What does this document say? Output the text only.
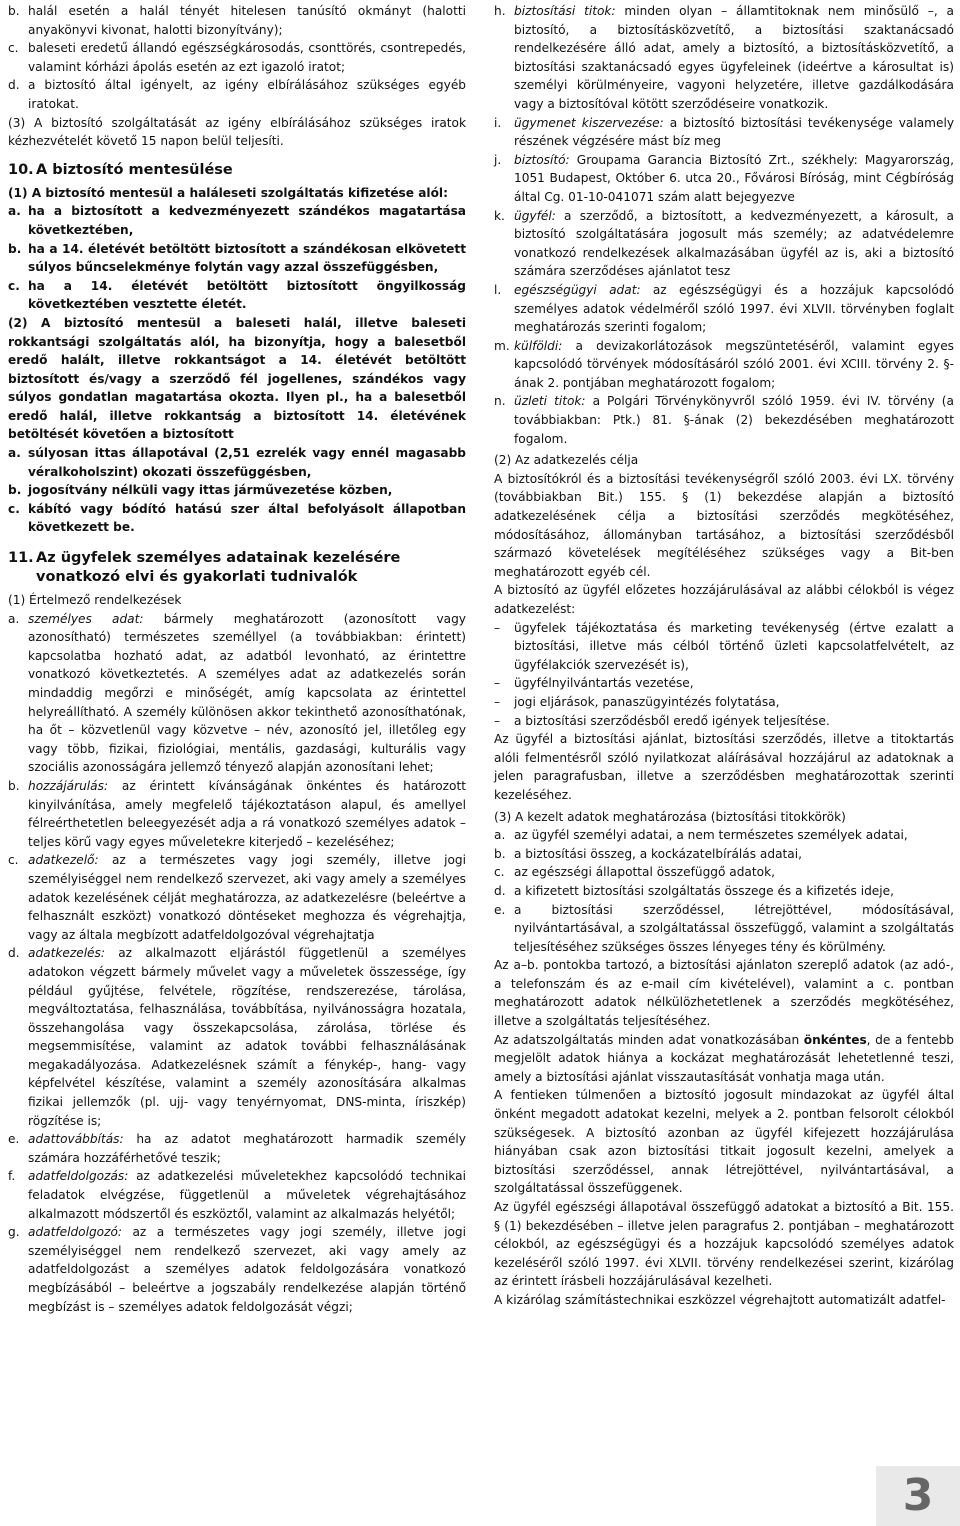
b. halál esetén a halál tényét hitelesen tanúsító okmányt (halotti anyakönyvi kivonat, halotti bizonyítvány);
c. baleseti eredetű állandó egészségkárosodás, csonttörés, csontrepedés, valamint kórházi ápolás esetén az ezt igazoló iratot;
d. a biztosító által igényelt, az igény elbírálásához szükséges egyéb iratokat.
(3) A biztosító szolgáltatását az igény elbírálásához szükséges iratok kézhezvételét követő 15 napon belül teljesíti.
10. A biztosító mentesülése
(1) A biztosító mentesül a haláleseti szolgáltatás kifizetése alól:
a. ha a biztosított a kedvezményezett szándékos magatartása következtében,
b. ha a 14. életévét betöltött biztosított a szándékosan elkövetett súlyos bűncselekménye folytán vagy azzal összefüggésben,
c. ha a 14. életévét betöltött biztosított öngyilkosság következtében vesztette életét.
(2) A biztosító mentesül a baleseti halál, illetve baleseti rokkantsági szolgáltatás alól, ha bizonyítja, hogy a balesetből eredő halált, illetve rokkantságot a 14. életévét betöltött biztosított és/vagy a szerződő fél jogellenes, szándékos vagy súlyos gondatlan magatartása okozta. Ilyen pl., ha a balesetből eredő halál, illetve rokkantság a biztosított 14. életévének betöltését követően a biztosított
a. súlyosan ittas állapotával (2,51 ezrelék vagy ennél magasabb véralkoholszint) okozati összefüggésben,
b. jogosítvány nélküli vagy ittas járművezetése közben,
c. kábító vagy bódító hatású szer által befolyásolt állapotban következett be.
11. Az ügyfelek személyes adatainak kezelésére vonatkozó elvi és gyakorlati tudnivalók
(1) Értelmező rendelkezések
a. személyes adat: bármely meghatározott (azonosított vagy azonosítható) természetes személlyel (a továbbiakban: érintett) kapcsolatba hozható adat, az adatból levonható, az érintettre vonatkozó következtetés. A személyes adat az adatkezelés során mindaddig megőrzi e minőségét, amíg kapcsolata az érintettel helyreállítható. A személy különösen akkor tekinthető azonosíthatónak, ha őt – közvetlenül vagy közvetve – név, azonosító jel, illetőleg egy vagy több, fizikai, fiziológiai, mentális, gazdasági, kulturális vagy szociális azonosságára jellemző tényező alapján azonosítani lehet;
b. hozzájárulás: az érintett kívánságának önkéntes és határozott kinyilvánítása, amely megfelelő tájékoztatáson alapul, és amellyel félreérthetetlen beleegyezését adja a rá vonatkozó személyes adatok – teljes körű vagy egyes műveletekre kiterjedő – kezeléséhez;
c. adatkezelő: az a természetes vagy jogi személy, illetve jogi személyiséggel nem rendelkező szervezet, aki vagy amely a személyes adatok kezelésének célját meghatározza, az adatkezelésre (beleértve a felhasznált eszközt) vonatkozó döntéseket meghozza és végrehajtja, vagy az általa megbízott adatfeldolgozóval végrehajtatja
d. adatkezelés: az alkalmazott eljárástól függetlenül a személyes adatokon végzett bármely művelet vagy a műveletek összessége, így például gyűjtése, felvétele, rögzítése, rendszerezése, tárolása, megváltoztatása, felhasználása, továbbítása, nyilvánosságra hozatala, összehangolása vagy összekapcsolása, zárolása, törlése és megsemmisítése, valamint az adatok további felhasználásának megakadályozása. Adatkezelésnek számít a fénykép-, hang- vagy képfelvétel készítése, valamint a személy azonosítására alkalmas fizikai jellemzők (pl. ujj- vagy tenyérnyomat, DNS-minta, íriszkép) rögzítése is;
e. adattovábbítás: ha az adatot meghatározott harmadik személy számára hozzáférhetővé teszik;
f.	adatfeldolgozás: az adatkezelési műveletekhez kapcsolódó technikai feladatok elvégzése, függetlenül a műveletek végrehajtásához alkalmazott módszertől és eszköztől, valamint az alkalmazás helyétől;
g. adatfeldolgozó: az a természetes vagy jogi személy, illetve jogi személyiséggel nem rendelkező szervezet, aki vagy amely az adatfeldolgozást a személyes adatok feldolgozására vonatkozó megbízásából – beleértve a jogszabály rendelkezése alapján történő megbízást is – személyes adatok feldolgozását végzi;
h. biztosítási titok: minden olyan – államtitoknak nem minősülő –, a biztosító, a biztosításközvetítő, a biztosítási szaktanácsadó rendelkezésére álló adat, amely a biztosító, a biztosításközvetítő, a biztosítási szaktanácsadó egyes ügyfeleinek (ideértve a károsultat is) személyi körülményeire, vagyoni helyzetére, illetve gazdálkodására vagy a biztosítóval kötött szerződéseire vonatkozik.
i.	ügymenet kiszervezése: a biztosító biztosítási tevékenysége valamely részének végzésére mást bíz meg
j.	biztosító: Groupama Garancia Biztosító Zrt., székhely: Magyarország, 1051 Budapest, Október 6. utca 20., Fővárosi Bíróság, mint Cégbíróság által Cg. 01-10-041071 szám alatt bejegyezve
k. ügyfél: a szerződő, a biztosított, a kedvezményezett, a károsult, a biztosító szolgáltatására jogosult más személy; az adatvédelemre vonatkozó rendelkezések alkalmazásában ügyfél az is, aki a biztosító számára szerződéses ajánlatot tesz
l.	egészségügyi adat: az egészségügyi és a hozzájuk kapcsolódó személyes adatok védelméről szóló 1997. évi XLVII. törvényben foglalt meghatározás szerinti fogalom;
m. külföldi: a devizakorlátozások megszüntetéséről, valamint egyes kapcsolódó törvények módosításáról szóló 2001. évi XCIII. törvény 2. §-ának 2. pontjában meghatározott fogalom;
n. üzleti titok: a Polgári Törvénykönyvről szóló 1959. évi IV. törvény (a továbbiakban: Ptk.) 81. §-ának (2) bekezdésében meghatározott fogalom.
(2) Az adatkezelés célja
A biztosítókról és a biztosítási tevékenységről szóló 2003. évi LX. törvény (továbbiakban Bit.) 155. § (1) bekezdése alapján a biztosító adatkezelésének célja a biztosítási szerződés megkötéséhez, módosításához, állományban tartásához, a biztosítási szerződésből származó követelések megítéléséhez szükséges vagy a Bit-ben meghatározott egyéb cél.
A biztosító az ügyfél előzetes hozzájárulásával az alábbi célokból is végez adatkezelést:
–	ügyfelek tájékoztatása és marketing tevékenység (értve ezalatt a biztosítási, illetve más célból történő üzleti kapcsolatfelvételt, az ügyfélakciók szervezését is),
–	ügyfélnyilvántartás vezetése,
–	jogi eljárások, panaszügyintézés folytatása,
–	a biztosítási szerződésből eredő igények teljesítése.
Az ügyfél a biztosítási ajánlat, biztosítási szerződés, illetve a titoktartás alóli felmentésről szóló nyilatkozat aláírásával hozzájárul az adatoknak a jelen paragrafusban, illetve a szerződésben meghatározottak szerinti kezeléséhez.
(3) A kezelt adatok meghatározása (biztosítási titokkörök)
a. az ügyfél személyi adatai, a nem természetes személyek adatai,
b. a biztosítási összeg, a kockázatelbírálás adatai,
c. az egészségi állapottal összefüggő adatok,
d. a kifizetett biztosítási szolgáltatás összege és a kifizetés ideje,
e. a biztosítási szerződéssel, létrejöttével, módosításával, nyilvántartásával, a szolgáltatással összefüggő, valamint a szolgáltatás teljesítéséhez szükséges összes lényeges tény és körülmény.
Az a–b. pontokba tartozó, a biztosítási ajánlaton szereplő adatok (az adó-, a telefonszám és az e-mail cím kivételével), valamint a c. pontban meghatározott adatok nélkülözhetetlenek a szerződés megkötéséhez, illetve a szolgáltatás teljesítéséhez.
Az adatszolgáltatás minden adat vonatkozásában önkéntes, de a fentebb megjelölt adatok hiánya a kockázat meghatározását lehetetlenné teszi, amely a biztosítási ajánlat visszautasítását vonhatja maga után.
A fentieken túlmenően a biztosító jogosult mindazokat az ügyfél által önként megadott adatokat kezelni, melyek a 2. pontban felsorolt célokból szükségesek. A biztosító azonban az ügyfél kifejezett hozzájárulása hiányában csak azon biztosítási titkait jogosult kezelni, amelyek a biztosítási szerződéssel, annak létrejöttével, nyilvántartásával, a szolgáltatással összefüggenek.
Az ügyfél egészségi állapotával összefüggő adatokat a biztosító a Bit. 155. § (1) bekezdésében – illetve jelen paragrafus 2. pontjában – meghatározott célokból, az egészségügyi és a hozzájuk kapcsolódó személyes adatok kezeléséről szóló 1997. évi XLVII. törvény rendelkezései szerint, kizárólag az érintett írásbeli hozzájárulásával kezelheti.
A kizárólag számítástechnikai eszközzel végrehajtott automatizált adatfel-
3
